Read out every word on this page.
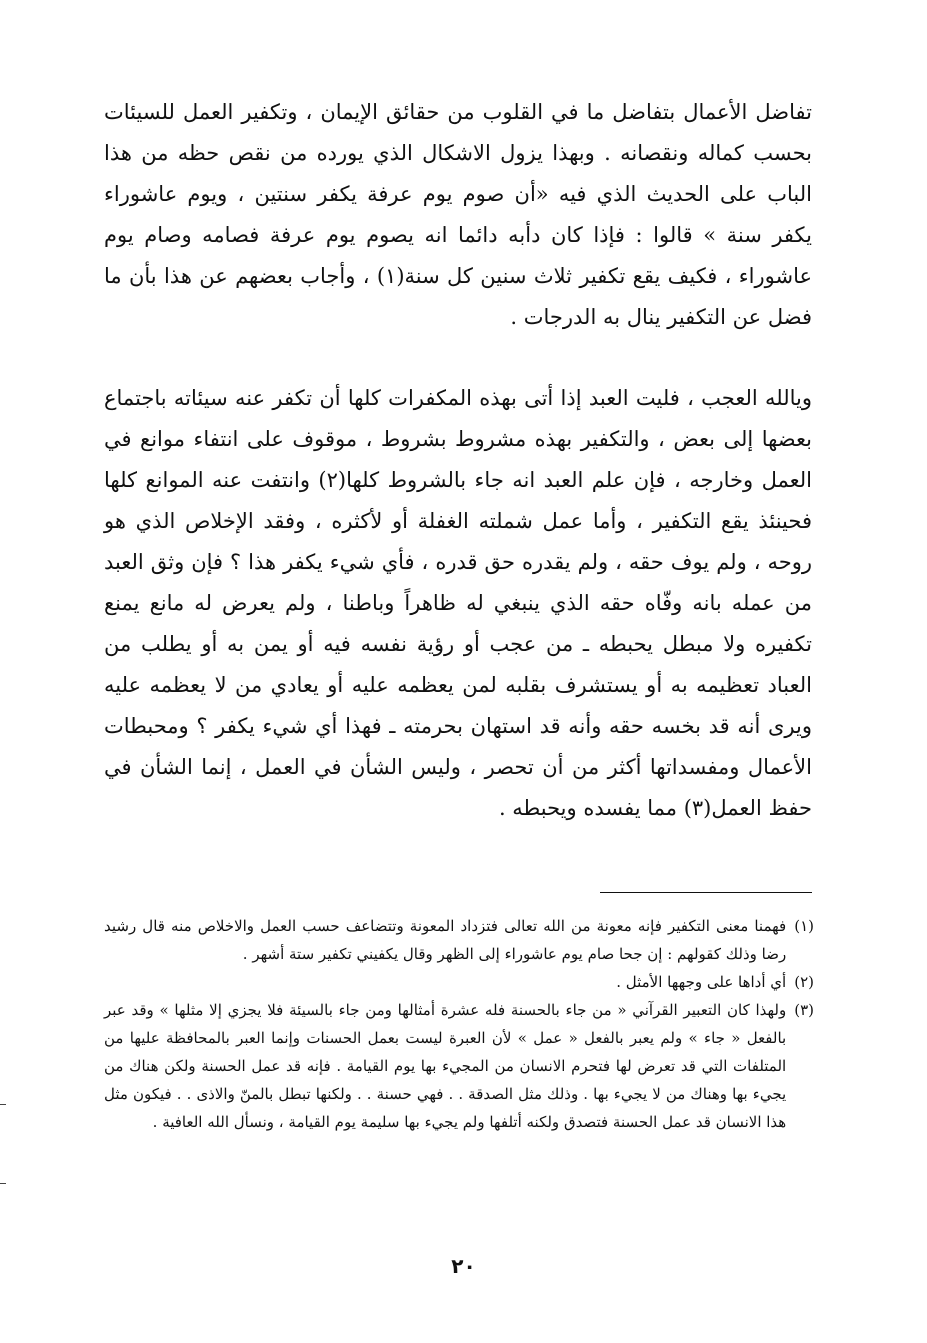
تفاضل الأعمال بتفاضل ما في القلوب من حقائق الإيمان ، وتكفير العمل للسيئات بحسب كماله ونقصانه . وبهذا يزول الاشكال الذي يورده من نقص حظه من هذا الباب على الحديث الذي فيه «أن صوم يوم عرفة يكفر سنتين ، ويوم عاشوراء يكفر سنة » قالوا : فإذا كان دأبه دائما انه يصوم يوم عرفة فصامه وصام يوم عاشوراء ، فكيف يقع تكفير ثلاث سنين كل سنة(١) ، وأجاب بعضهم عن هذا بأن ما فضل عن التكفير ينال به الدرجات .

ويالله العجب ، فليت العبد إذا أتى بهذه المكفرات كلها أن تكفر عنه سيئاته باجتماع بعضها إلى بعض ، والتكفير بهذه مشروط بشروط ، موقوف على انتفاء موانع في العمل وخارجه ، فإن علم العبد انه جاء بالشروط كلها(٢) وانتفت عنه الموانع كلها فحينئذ يقع التكفير ، وأما عمل شملته الغفلة أو لأكثره ، وفقد الإخلاص الذي هو روحه ، ولم يوف حقه ، ولم يقدره حق قدره ، فأي شيء يكفر هذا ؟ فإن وثق العبد من عمله بانه وفّاه حقه الذي ينبغي له ظاهراً وباطنا ، ولم يعرض له مانع يمنع تكفيره ولا مبطل يحبطه ـ من عجب أو رؤية نفسه فيه أو يمن به أو يطلب من العباد تعظيمه به أو يستشرف بقلبه لمن يعظمه عليه أو يعادي من لا يعظمه عليه ويرى أنه قد بخسه حقه وأنه قد استهان بحرمته ـ فهذا أي شيء يكفر ؟ ومحبطات الأعمال ومفسداتها أكثر من أن تحصر ، وليس الشأن في العمل ، إنما الشأن في حفظ العمل(٣) مما يفسده ويحبطه .

(١)
فهمنا معنى التكفير فإنه معونة من الله تعالى فتزداد المعونة وتتضاعف حسب العمل والاخلاص منه قال رشيد رضا وذلك كقولهم : إن جحا صام يوم عاشوراء إلى الظهر وقال يكفيني تكفير ستة أشهر .
(٢)
أي أداها على وجهها الأمثل .
(٣)
ولهذا كان التعبير القرآني « من جاء بالحسنة فله عشرة أمثالها ومن جاء بالسيئة فلا يجزي إلا مثلها » وقد عبر بالفعل « جاء » ولم يعبر بالفعل « عمل » لأن العبرة ليست بعمل الحسنات وإنما العبر بالمحافظة عليها من المتلفات التي قد تعرض لها فتحرم الانسان من المجيء بها يوم القيامة . فإنه قد عمل الحسنة ولكن هناك من يجيء بها وهناك من لا يجيء بها . وذلك مثل الصدقة . . فهي حسنة . . ولكنها تبطل بالمنّ والاذى . . فيكون مثل هذا الانسان قد عمل الحسنة فتصدق ولكنه أتلفها ولم يجيء بها سليمة يوم القيامة ، ونسأل الله العافية .
٢٠
